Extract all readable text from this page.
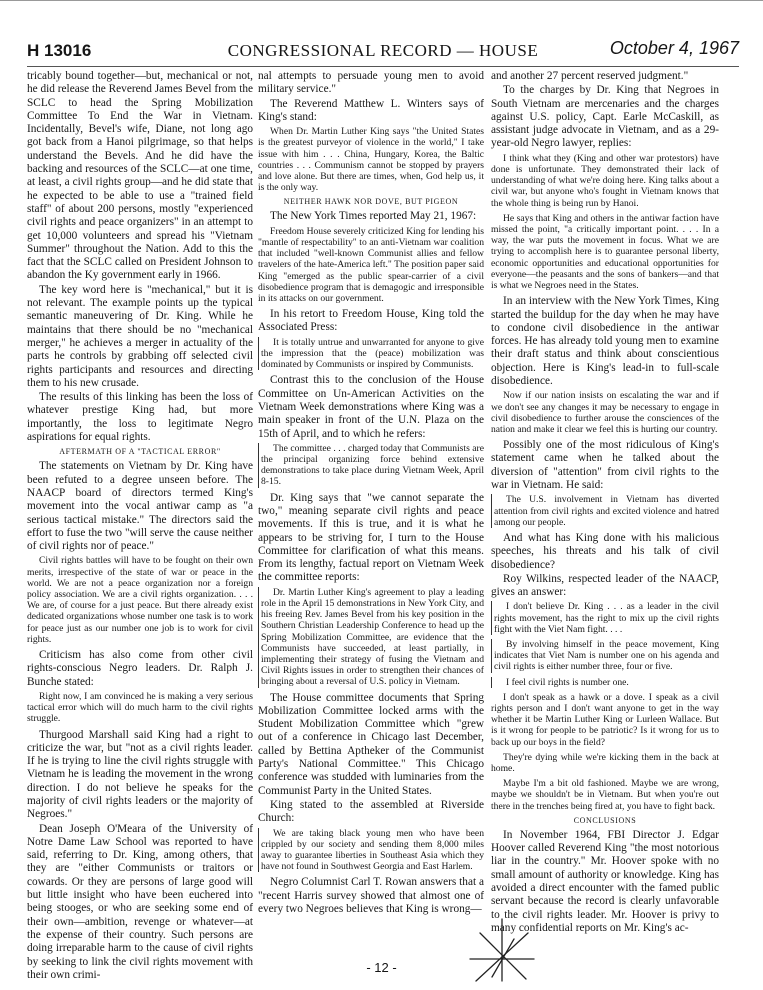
H 13016	CONGRESSIONAL RECORD — HOUSE	October 4, 1967

tricably bound together—but, mechanical or not, he did release the Reverend James Bevel from the SCLC to head the Spring Mobilization Committee To End the War in Vietnam. Incidentally, Bevel's wife, Diane, not long ago got back from a Hanoi pilgrimage, so that helps understand the Bevels. And he did have the backing and resources of the SCLC—at one time, at least, a civil rights group—and he did state that he expected to be able to use a "trained field staff" of about 200 persons, mostly "experienced civil rights and peace organizers" in an attempt to get 10,000 volunteers and spread his "Vietnam Summer" throughout the Nation. Add to this the fact that the SCLC called on President Johnson to abandon the Ky government early in 1966.

The key word here is "mechanical," but it is not relevant. The example points up the typical semantic maneuvering of Dr. King. While he maintains that there should be no "mechanical merger," he achieves a merger in actuality of the parts he controls by grabbing off selected civil rights participants and resources and directing them to his new crusade.

The results of this linking has been the loss of whatever prestige King had, but more importantly, the loss to legitimate Negro aspirations for equal rights.

AFTERMATH OF A "TACTICAL ERROR"

The statements on Vietnam by Dr. King have been refuted to a degree unseen before. The NAACP board of directors termed King's movement into the vocal antiwar camp as "a serious tactical mistake." The directors said the effort to fuse the two "will serve the cause neither of civil rights nor of peace."

Civil rights battles will have to be fought on their own merits, irrespective of the state of war or peace in the world. We are not a peace organization nor a foreign policy association. We are a civil rights organization. . . . We are, of course for a just peace. But there already exist dedicated organizations whose number one task is to work for peace just as our number one job is to work for civil rights.

Criticism has also come from other civil rights-conscious Negro leaders. Dr. Ralph J. Bunche stated:

Right now, I am convinced he is making a very serious tactical error which will do much harm to the civil rights struggle.

Thurgood Marshall said King had a right to criticize the war, but "not as a civil rights leader. If he is trying to line the civil rights struggle with Vietnam he is leading the movement in the wrong direction. I do not believe he speaks for the majority of civil rights leaders or the majority of Negroes."

Dean Joseph O'Meara of the University of Notre Dame Law School was reported to have said, referring to Dr. King, among others, that they are "either Communists or traitors or cowards. Or they are persons of large good will but little insight who have been euchered into being stooges, or who are seeking some end of their own—ambition, revenge or whatever—at the expense of their country. Such persons are doing irreparable harm to the cause of civil rights by seeking to link the civil rights movement with their own crimi-

nal attempts to persuade young men to avoid military service."

The Reverend Matthew L. Winters says of King's stand:

When Dr. Martin Luther King says "the United States is the greatest purveyor of violence in the world," I take issue with him . . . China, Hungary, Korea, the Baltic countries . . . Communism cannot be stopped by prayers and love alone. But there are times, when, God help us, it is the only way.

NEITHER HAWK NOR DOVE, BUT PIGEON

The New York Times reported May 21, 1967:

Freedom House severely criticized King for lending his "mantle of respectability" to an anti-Vietnam war coalition that included "well-known Communist allies and fellow travelers of the hate-America left." The position paper said King "emerged as the public spear-carrier of a civil disobedience program that is demagogic and irresponsible in its attacks on our government.

In his retort to Freedom House, King told the Associated Press:

It is totally untrue and unwarranted for anyone to give the impression that the (peace) mobilization was dominated by Communists or inspired by Communists.

Contrast this to the conclusion of the House Committee on Un-American Activities on the Vietnam Week demonstrations where King was a main speaker in front of the U.N. Plaza on the 15th of April, and to which he refers:

The committee . . . charged today that Communists are the principal organizing force behind extensive demonstrations to take place during Vietnam Week, April 8-15.

Dr. King says that "we cannot separate the two," meaning separate civil rights and peace movements. If this is true, and it is what he appears to be striving for, I turn to the House Committee for clarification of what this means. From its lengthy, factual report on Vietnam Week the committee reports:

Dr. Martin Luther King's agreement to play a leading role in the April 15 demonstrations in New York City, and his freeing Rev. James Bevel from his key position in the Southern Christian Leadership Conference to head up the Spring Mobilization Committee, are evidence that the Communists have succeeded, at least partially, in implementing their strategy of fusing the Vietnam and Civil Rights issues in order to strengthen their chances of bringing about a reversal of U.S. policy in Vietnam.

The House committee documents that Spring Mobilization Committee locked arms with the Student Mobilization Committee which "grew out of a conference in Chicago last December, called by Bettina Aptheker of the Communist Party's National Committee." This Chicago conference was studded with luminaries from the Communist Party in the United States.

King stated to the assembled at Riverside Church:

We are taking black young men who have been crippled by our society and sending them 8,000 miles away to guarantee liberties in Southeast Asia which they have not found in Southwest Georgia and East Harlem.

Negro Columnist Carl T. Rowan answers that a "recent Harris survey showed that almost one of every two Negroes believes that King is wrong—

and another 27 percent reserved judgment."

To the charges by Dr. King that Negroes in South Vietnam are mercenaries and the charges against U.S. policy, Capt. Earle McCaskill, as assistant judge advocate in Vietnam, and as a 29-year-old Negro lawyer, replies:

I think what they (King and other war protestors) have done is unfortunate. They demonstrated their lack of understanding of what we're doing here. King talks about a civil war, but anyone who's fought in Vietnam knows that the whole thing is being run by Hanoi.

He says that King and others in the antiwar faction have missed the point, "a critically important point. . . . In a way, the war puts the movement in focus. What we are trying to accomplish here is to guarantee personal liberty, economic opportunities and educational opportunities for everyone—the peasants and the sons of bankers—and that is what we Negroes need in the States.

In an interview with the New York Times, King started the buildup for the day when he may have to condone civil disobedience in the antiwar forces. He has already told young men to examine their draft status and think about conscientious objection. Here is King's lead-in to full-scale disobedience.

Now if our nation insists on escalating the war and if we don't see any changes it may be necessary to engage in civil disobedience to further arouse the consciences of the nation and make it clear we feel this is hurting our country.

Possibly one of the most ridiculous of King's statement came when he talked about the diversion of "attention" from civil rights to the war in Vietnam. He said:

The U.S. involvement in Vietnam has diverted attention from civil rights and excited violence and hatred among our people.

And what has King done with his malicious speeches, his threats and his talk of civil disobedience?

Roy Wilkins, respected leader of the NAACP, gives an answer:

I don't believe Dr. King . . . as a leader in the civil rights movement, has the right to mix up the civil rights fight with the Viet Nam fight. . . .

By involving himself in the peace movement, King indicates that Viet Nam is number one on his agenda and civil rights is either number three, four or five.

I feel civil rights is number one.

I don't speak as a hawk or a dove. I speak as a civil rights person and I don't want anyone to get in the way whether it be Martin Luther King or Lurleen Wallace. But is it wrong for people to be patriotic? Is it wrong for us to back up our boys in the field?

They're dying while we're kicking them in the back at home.

Maybe I'm a bit old fashioned. Maybe we are wrong, maybe we shouldn't be in Vietnam. But when you're out there in the trenches being fired at, you have to fight back.

CONCLUSIONS

In November 1964, FBI Director J. Edgar Hoover called Reverend King "the most notorious liar in the country." Mr. Hoover spoke with no small amount of authority or knowledge. King has avoided a direct encounter with the famed public servant because the record is clearly unfavorable to the civil rights leader. Mr. Hoover is privy to many confidential reports on Mr. King's ac-

- 12 -
